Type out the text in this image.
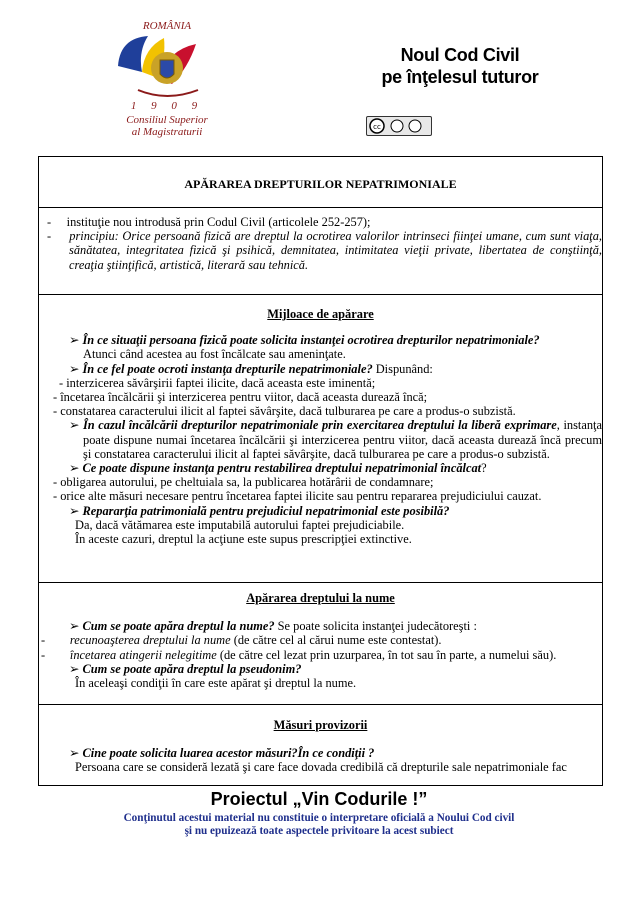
ROMÂNIA
1 9 0 9
Consiliul Superior
al Magistraturii
Noul Cod Civil
pe înţelesul tuturor
cc
APĂRAREA DREPTURILOR NEPATRIMONIALE
-     instituţie nou introdusă prin Codul Civil (articolele 252-257);
-     principiu: Orice persoană fizică are dreptul la ocrotirea valorilor intrinseci fiinţei umane, cum sunt viaţa, sănătatea, integritatea fizică şi psihică, demnitatea, intimitatea vieţii private, libertatea de conştiinţă, creaţia ştiinţifică, artistică, literară sau tehnică.
Mijloace de apărare
➢ În ce situaţii persoana fizică poate solicita instanţei ocrotirea drepturilor nepatrimoniale?
Atunci când acestea au fost încălcate sau ameninţate.
➢ În ce fel poate ocroti instanţa drepturile nepatrimoniale? Dispunând:
- interzicerea săvârşirii faptei ilicite, dacă aceasta este iminentă;
- încetarea încălcării şi interzicerea pentru viitor, dacă aceasta durează încă;
- constatarea caracterului ilicit al faptei săvârşite, dacă tulburarea pe care a produs-o subzistă.
➢ În cazul încălcării drepturilor nepatrimoniale prin exercitarea dreptului la liberă exprimare, instanţa poate dispune numai încetarea încălcării şi interzicerea pentru viitor, dacă aceasta durează încă precum şi constatarea caracterului ilicit al faptei săvârşite, dacă tulburarea pe care a produs-o subzistă.
➢ Ce poate dispune instanţa pentru restabilirea dreptului nepatrimonial încălcat?
- obligarea autorului, pe cheltuiala sa, la publicarea hotărârii de condamnare;
- orice alte măsuri necesare pentru încetarea faptei ilicite sau pentru repararea prejudiciului cauzat.
➢ Repararţia patrimonială pentru prejudiciul nepatrimonial este posibilă?
Da, dacă vătămarea este imputabilă autorului faptei prejudiciabile.
În aceste cazuri, dreptul la acţiune este supus prescripţiei extinctive.
Apărarea dreptului la nume
➢ Cum se poate apăra dreptul la nume? Se poate solicita instanţei judecătoreşti :
-        recunoaşterea dreptului la nume (de către cel al cărui nume este contestat).
-        încetarea atingerii nelegitime (de către cel lezat prin uzurparea, în tot sau în parte, a numelui său).
➢ Cum se poate apăra dreptul la pseudonim?
În aceleaşi condiţii în care este apărat şi dreptul la nume.
Măsuri provizorii
➢ Cine poate solicita luarea acestor măsuri?În ce condiţii ?
Persoana care se consideră lezată şi care face dovada credibilă că drepturile sale nepatrimoniale fac
Proiectul „Vin Codurile !”
Conţinutul acestui material nu constituie o interpretare oficială a Noului Cod civil
şi nu epuizează toate aspectele privitoare la acest subiect
